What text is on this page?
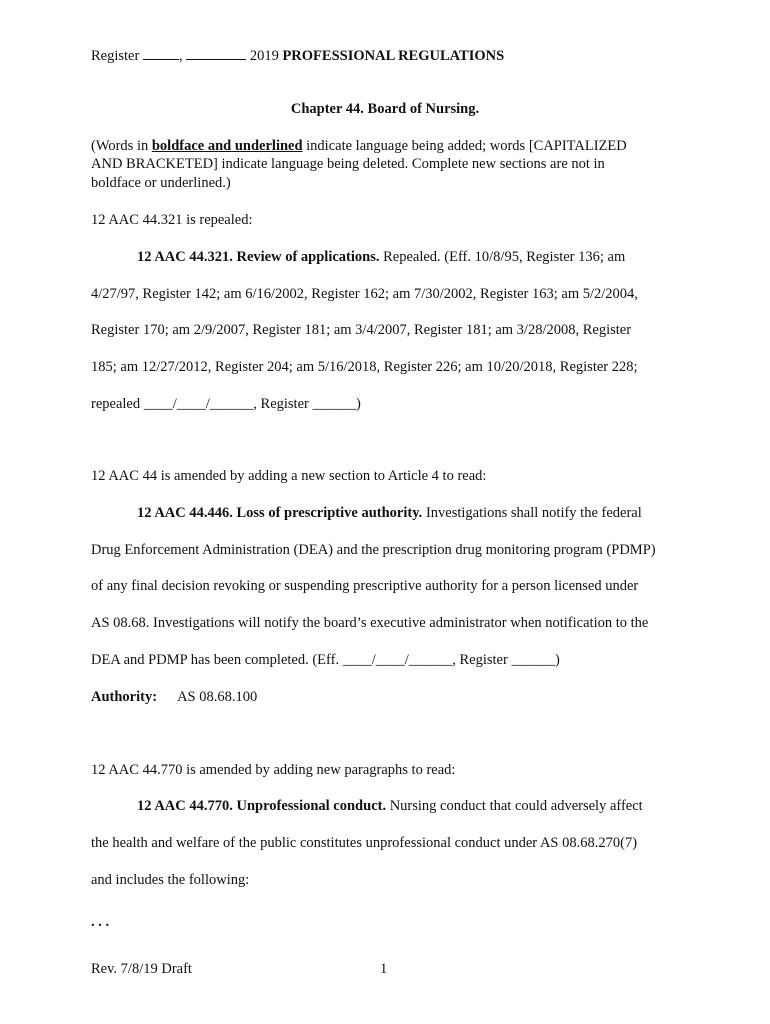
Register	,	2019 PROFESSIONAL REGULATIONS
Chapter 44. Board of Nursing.
(Words in boldface and underlined indicate language being added; words [CAPITALIZED
AND BRACKETED] indicate language being deleted. Complete new sections are not in
boldface or underlined.)
12 AAC 44.321 is repealed:
12 AAC 44.321. Review of applications. Repealed. (Eff. 10/8/95, Register 136; am
4/27/97, Register 142; am 6/16/2002, Register 162; am 7/30/2002, Register 163; am 5/2/2004,
Register 170; am 2/9/2007, Register 181; am 3/4/2007, Register 181; am 3/28/2008, Register
185; am 12/27/2012, Register 204; am 5/16/2018, Register 226; am 10/20/2018, Register 228;
repealed ____/____/______, Register ______)
12 AAC 44 is amended by adding a new section to Article 4 to read:
12 AAC 44.446. Loss of prescriptive authority. Investigations shall notify the federal
Drug Enforcement Administration (DEA) and the prescription drug monitoring program (PDMP)
of any final decision revoking or suspending prescriptive authority for a person licensed under
AS 08.68. Investigations will notify the board’s executive administrator when notification to the
DEA and PDMP has been completed. (Eff. ____/____/______, Register ______)
Authority: AS 08.68.100
12 AAC 44.770 is amended by adding new paragraphs to read:
12 AAC 44.770. Unprofessional conduct. Nursing conduct that could adversely affect
the health and welfare of the public constitutes unprofessional conduct under AS 08.68.270(7)
and includes the following:
. . .
Rev. 7/8/19 Draft	1
